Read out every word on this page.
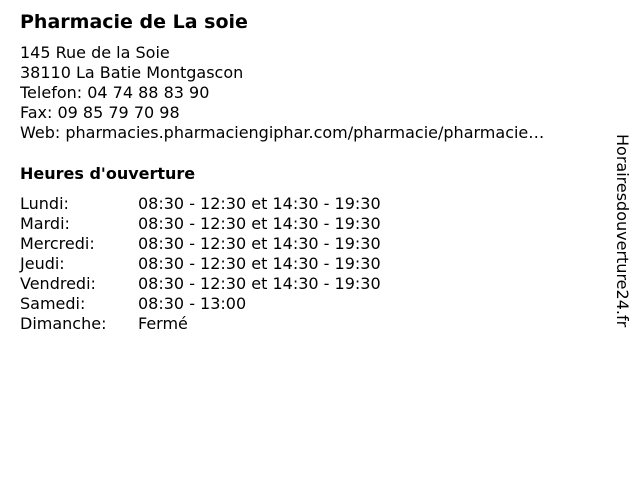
Pharmacie de La soie
145 Rue de la Soie
38110 La Batie Montgascon
Telefon: 04 74 88 83 90
Fax: 09 85 79 70 98
Web: pharmacies.pharmaciengiphar.com/pharmacie/pharmacie…
Heures d'ouverture
Lundi:	08:30 - 12:30 et 14:30 - 19:30
Mardi:	08:30 - 12:30 et 14:30 - 19:30
Mercredi:	08:30 - 12:30 et 14:30 - 19:30
Jeudi:	08:30 - 12:30 et 14:30 - 19:30
Vendredi:	08:30 - 12:30 et 14:30 - 19:30
Samedi:	08:30 - 13:00
Dimanche:	Fermé	Horairesdouverture24.fr
